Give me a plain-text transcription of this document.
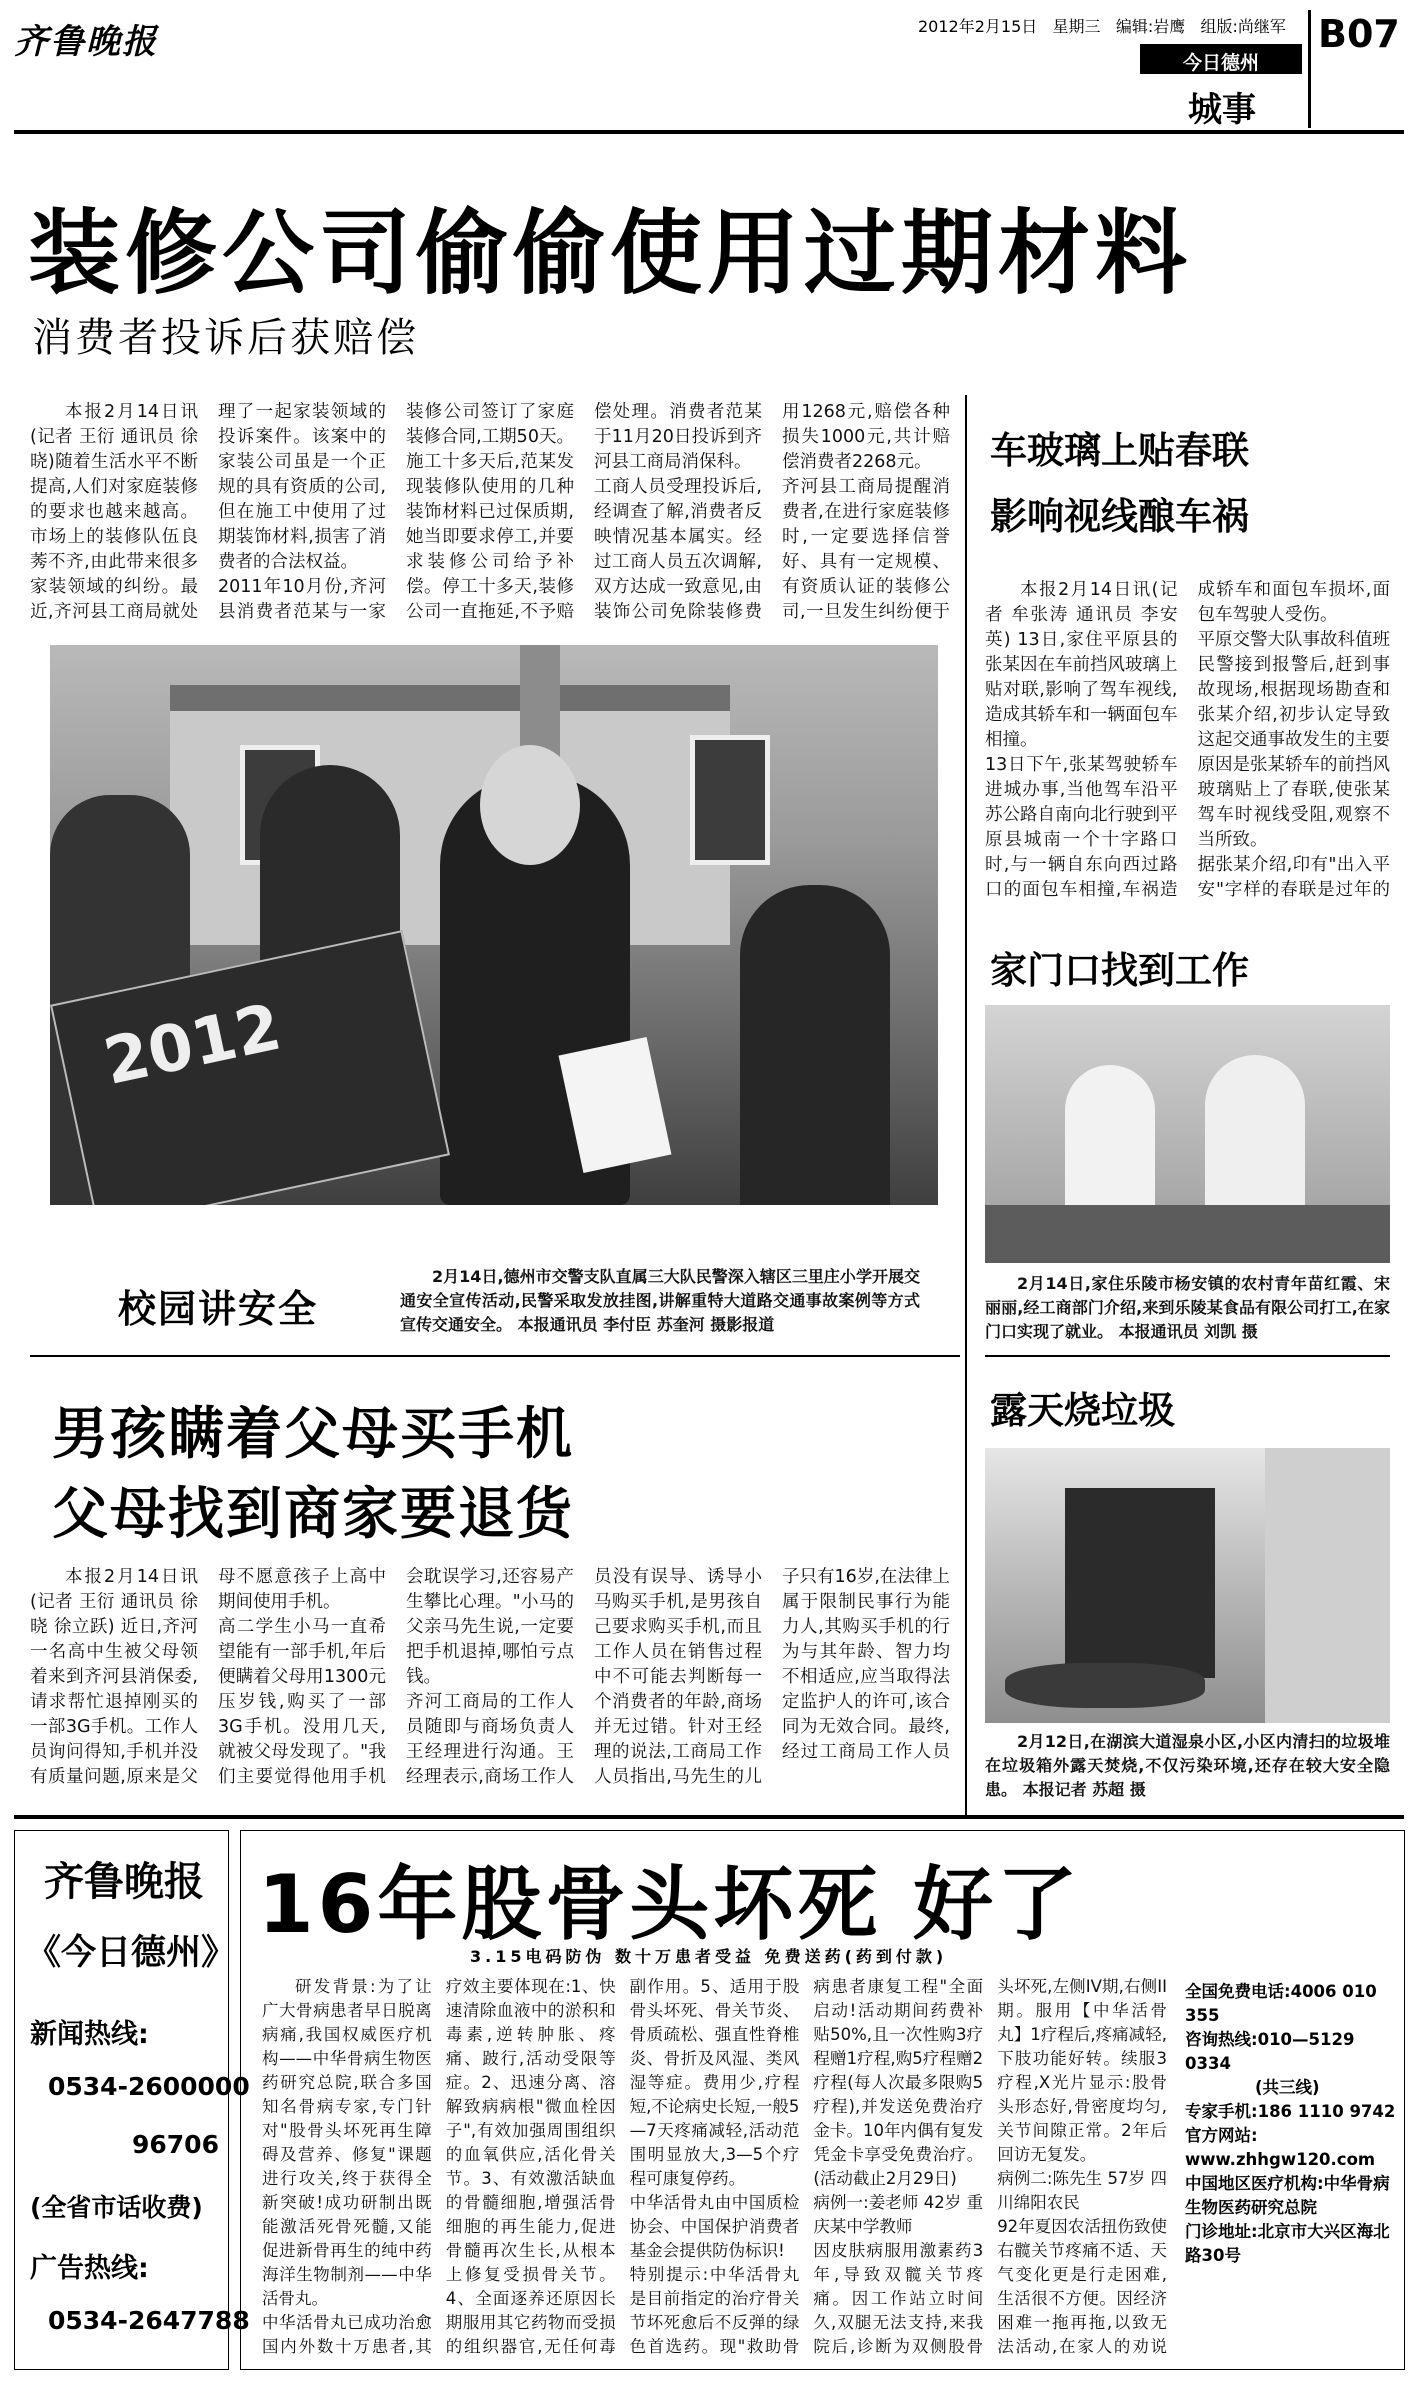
齐鲁晚报	2012年2月15日 星期三 编辑:岩鹰 组版:尚继军
今日德州
城事
B07
装修公司偷偷使用过期材料
消费者投诉后获赔偿
本报2月14日讯(记者 王衍 通讯员 徐晓)随着生活水平不断提高,人们对家庭装修的要求也越来越高。市场上的装修队伍良莠不齐,由此带来很多家装领域的纠纷。最近,齐河县工商局就处理了一起家装领域的投诉案件。该案中的家装公司虽是一个正规的具有资质的公司,但在施工中使用了过期装饰材料,损害了消费者的合法权益。
2011年10月份,齐河县消费者范某与一家装修公司签订了家庭装修合同,工期50天。施工十多天后,范某发现装修队使用的几种装饰材料已过保质期,她当即要求停工,并要求装修公司给予补偿。停工十多天,装修公司一直拖延,不予赔偿处理。消费者范某于11月20日投诉到齐河县工商局消保科。
工商人员受理投诉后,经调查了解,消费者反映情况基本属实。经过工商人员五次调解,双方达成一致意见,由装饰公司免除装修费用1268元,赔偿各种损失1000元,共计赔偿消费者2268元。
齐河县工商局提醒消费者,在进行家庭装修时,一定要选择信誉好、具有一定规模、有资质认证的装修公司,一旦发生纠纷便于
2012
校园讲安全
2月14日,德州市交警支队直属三大队民警深入辖区三里庄小学开展交通安全宣传活动,民警采取发放挂图,讲解重特大道路交通事故案例等方式宣传交通安全。 本报通讯员 李付臣 苏奎河 摄影报道
男孩瞒着父母买手机
父母找到商家要退货
本报2月14日讯(记者 王衍 通讯员 徐晓 徐立跃) 近日,齐河一名高中生被父母领着来到齐河县消保委,请求帮忙退掉刚买的一部3G手机。工作人员询问得知,手机并没有质量问题,原来是父母不愿意孩子上高中期间使用手机。
高二学生小马一直希望能有一部手机,年后便瞒着父母用1300元压岁钱,购买了一部3G手机。没用几天,就被父母发现了。"我们主要觉得他用手机会耽误学习,还容易产生攀比心理。"小马的父亲马先生说,一定要把手机退掉,哪怕亏点钱。
齐河工商局的工作人员随即与商场负责人王经理进行沟通。王经理表示,商场工作人员没有误导、诱导小马购买手机,是男孩自己要求购买手机,而且工作人员在销售过程中不可能去判断每一个消费者的年龄,商场并无过错。针对王经理的说法,工商局工作人员指出,马先生的儿子只有16岁,在法律上属于限制民事行为能力人,其购买手机的行为与其年龄、智力均不相适应,应当取得法定监护人的许可,该合同为无效合同。最终,经过工商局工作人员
车玻璃上贴春联
影响视线酿车祸
本报2月14日讯(记者 牟张涛 通讯员 李安英) 13日,家住平原县的张某因在车前挡风玻璃上贴对联,影响了驾车视线,造成其轿车和一辆面包车相撞。
13日下午,张某驾驶轿车进城办事,当他驾车沿平苏公路自南向北行驶到平原县城南一个十字路口时,与一辆自东向西过路口的面包车相撞,车祸造成轿车和面包车损坏,面包车驾驶人受伤。
平原交警大队事故科值班民警接到报警后,赶到事故现场,根据现场勘查和张某介绍,初步认定导致这起交通事故发生的主要原因是张某轿车的前挡风玻璃贴上了春联,使张某驾车时视线受阻,观察不当所致。
据张某介绍,印有"出入平安"字样的春联是过年的
家门口找到工作
2月14日,家住乐陵市杨安镇的农村青年苗红霞、宋丽丽,经工商部门介绍,来到乐陵某食品有限公司打工,在家门口实现了就业。 本报通讯员 刘凯 摄
露天烧垃圾
2月12日,在湖滨大道湿泉小区,小区内清扫的垃圾堆在垃圾箱外露天焚烧,不仅污染环境,还存在较大安全隐患。 本报记者 苏超 摄
齐鲁晚报
《今日德州》
新闻热线:
0534-2600000
96706
(全省市话收费)
广告热线:
0534-2647788
16年股骨头坏死 好了
3.15电码防伪 数十万患者受益 免费送药(药到付款)
研发背景:为了让广大骨病患者早日脱离病痛,我国权威医疗机构——中华骨病生物医药研究总院,联合多国知名骨病专家,专门针对"股骨头坏死再生障碍及营养、修复"课题进行攻关,终于获得全新突破!成功研制出既能激活死骨死髓,又能促进新骨再生的纯中药海洋生物制剂——中华活骨丸。
中华活骨丸已成功治愈国内外数十万患者,其疗效主要体现在:1、快速清除血液中的淤积和毒素,逆转肿胀、疼痛、跛行,活动受限等症。2、迅速分离、溶解致病病根"微血栓因子",有效加强周围组织的血氧供应,活化骨关节。3、有效激活缺血的骨髓细胞,增强活骨细胞的再生能力,促进骨髓再次生长,从根本上修复受损骨关节。4、全面逐养还原因长期服用其它药物而受损的组织器官,无任何毒副作用。5、适用于股骨头坏死、骨关节炎、骨质疏松、强直性脊椎炎、骨折及风湿、类风湿等症。费用少,疗程短,不论病史长短,一般5—7天疼痛减轻,活动范围明显放大,3—5个疗程可康复停药。
中华活骨丸由中国质检协会、中国保护消费者基金会提供防伪标识!
特别提示:中华活骨丸是目前指定的治疗骨关节坏死愈后不反弹的绿色首选药。现"救助骨病患者康复工程"全面启动!活动期间药费补贴50%,且一次性购3疗程赠1疗程,购5疗程赠2疗程(每人次最多限购5疗程),并发送免费治疗金卡。10年内偶有复发凭金卡享受免费治疗。(活动截止2月29日)
病例一:姜老师 42岁 重庆某中学教师
因皮肤病服用激素药3年,导致双髋关节疼痛。因工作站立时间久,双腿无法支持,来我院后,诊断为双侧股骨头坏死,左侧IV期,右侧II期。服用【中华活骨丸】1疗程后,疼痛减轻,下肢功能好转。续服3疗程,X光片显示:股骨头形态好,骨密度均匀,关节间隙正常。2年后回访无复发。
病例二:陈先生 57岁 四川绵阳农民
92年夏因农活扭伤致使右髋关节疼痛不适、天气变化更是行走困难,生活很不方便。因经济困难一拖再拖,以致无法活动,在家人的劝说
全国免费电话:4006 010 355
咨询热线:010—5129 0334
(共三线)
专家手机:186 1110 9742
官方网站:
www.zhhgw120.com
中国地区医疗机构:中华骨病生物医药研究总院
门诊地址:北京市大兴区海北路30号
